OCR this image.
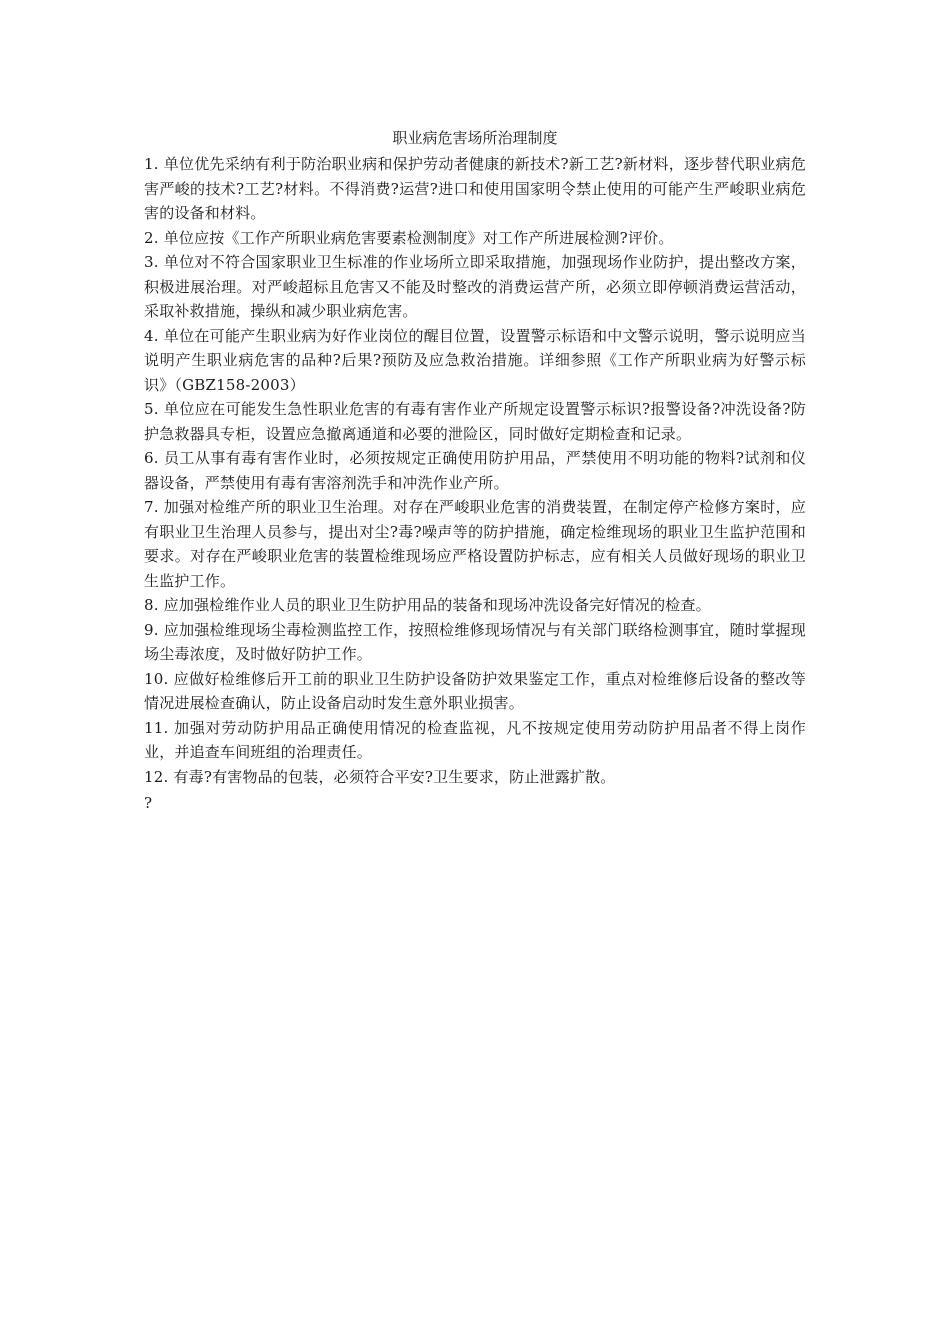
职业病危害场所治理制度

1. 单位优先采纳有利于防治职业病和保护劳动者健康的新技术?新工艺?新材料，逐步替代职业病危害严峻的技术?工艺?材料。不得消费?运营?进口和使用国家明令禁止使用的可能产生严峻职业病危害的设备和材料。

2. 单位应按《工作产所职业病危害要素检测制度》对工作产所进展检测?评价。

3. 单位对不符合国家职业卫生标准的作业场所立即采取措施，加强现场作业防护，提出整改方案，积极进展治理。对严峻超标且危害又不能及时整改的消费运营产所，必须立即停顿消费运营活动，采取补救措施，操纵和减少职业病危害。

4. 单位在可能产生职业病为好作业岗位的醒目位置，设置警示标语和中文警示说明，警示说明应当说明产生职业病危害的品种?后果?预防及应急救治措施。详细参照《工作产所职业病为好警示标识》（GBZ158-2003）

5. 单位应在可能发生急性职业危害的有毒有害作业产所规定设置警示标识?报警设备?冲洗设备?防护急救器具专柜，设置应急撤离通道和必要的泄险区，同时做好定期检查和记录。

6. 员工从事有毒有害作业时，必须按规定正确使用防护用品，严禁使用不明功能的物料?试剂和仪器设备，严禁使用有毒有害溶剂洗手和冲洗作业产所。

7. 加强对检维产所的职业卫生治理。对存在严峻职业危害的消费装置，在制定停产检修方案时，应有职业卫生治理人员参与，提出对尘?毒?噪声等的防护措施，确定检维现场的职业卫生监护范围和要求。对存在严峻职业危害的装置检维现场应严格设置防护标志，应有相关人员做好现场的职业卫生监护工作。

8. 应加强检维作业人员的职业卫生防护用品的装备和现场冲洗设备完好情况的检查。

9. 应加强检维现场尘毒检测监控工作，按照检维修现场情况与有关部门联络检测事宜，随时掌握现场尘毒浓度，及时做好防护工作。

10. 应做好检维修后开工前的职业卫生防护设备防护效果鉴定工作，重点对检维修后设备的整改等情况进展检查确认，防止设备启动时发生意外职业损害。

11. 加强对劳动防护用品正确使用情况的检查监视，凡不按规定使用劳动防护用品者不得上岗作业，并追查车间班组的治理责任。

12. 有毒?有害物品的包装，必须符合平安?卫生要求，防止泄露扩散。

?
